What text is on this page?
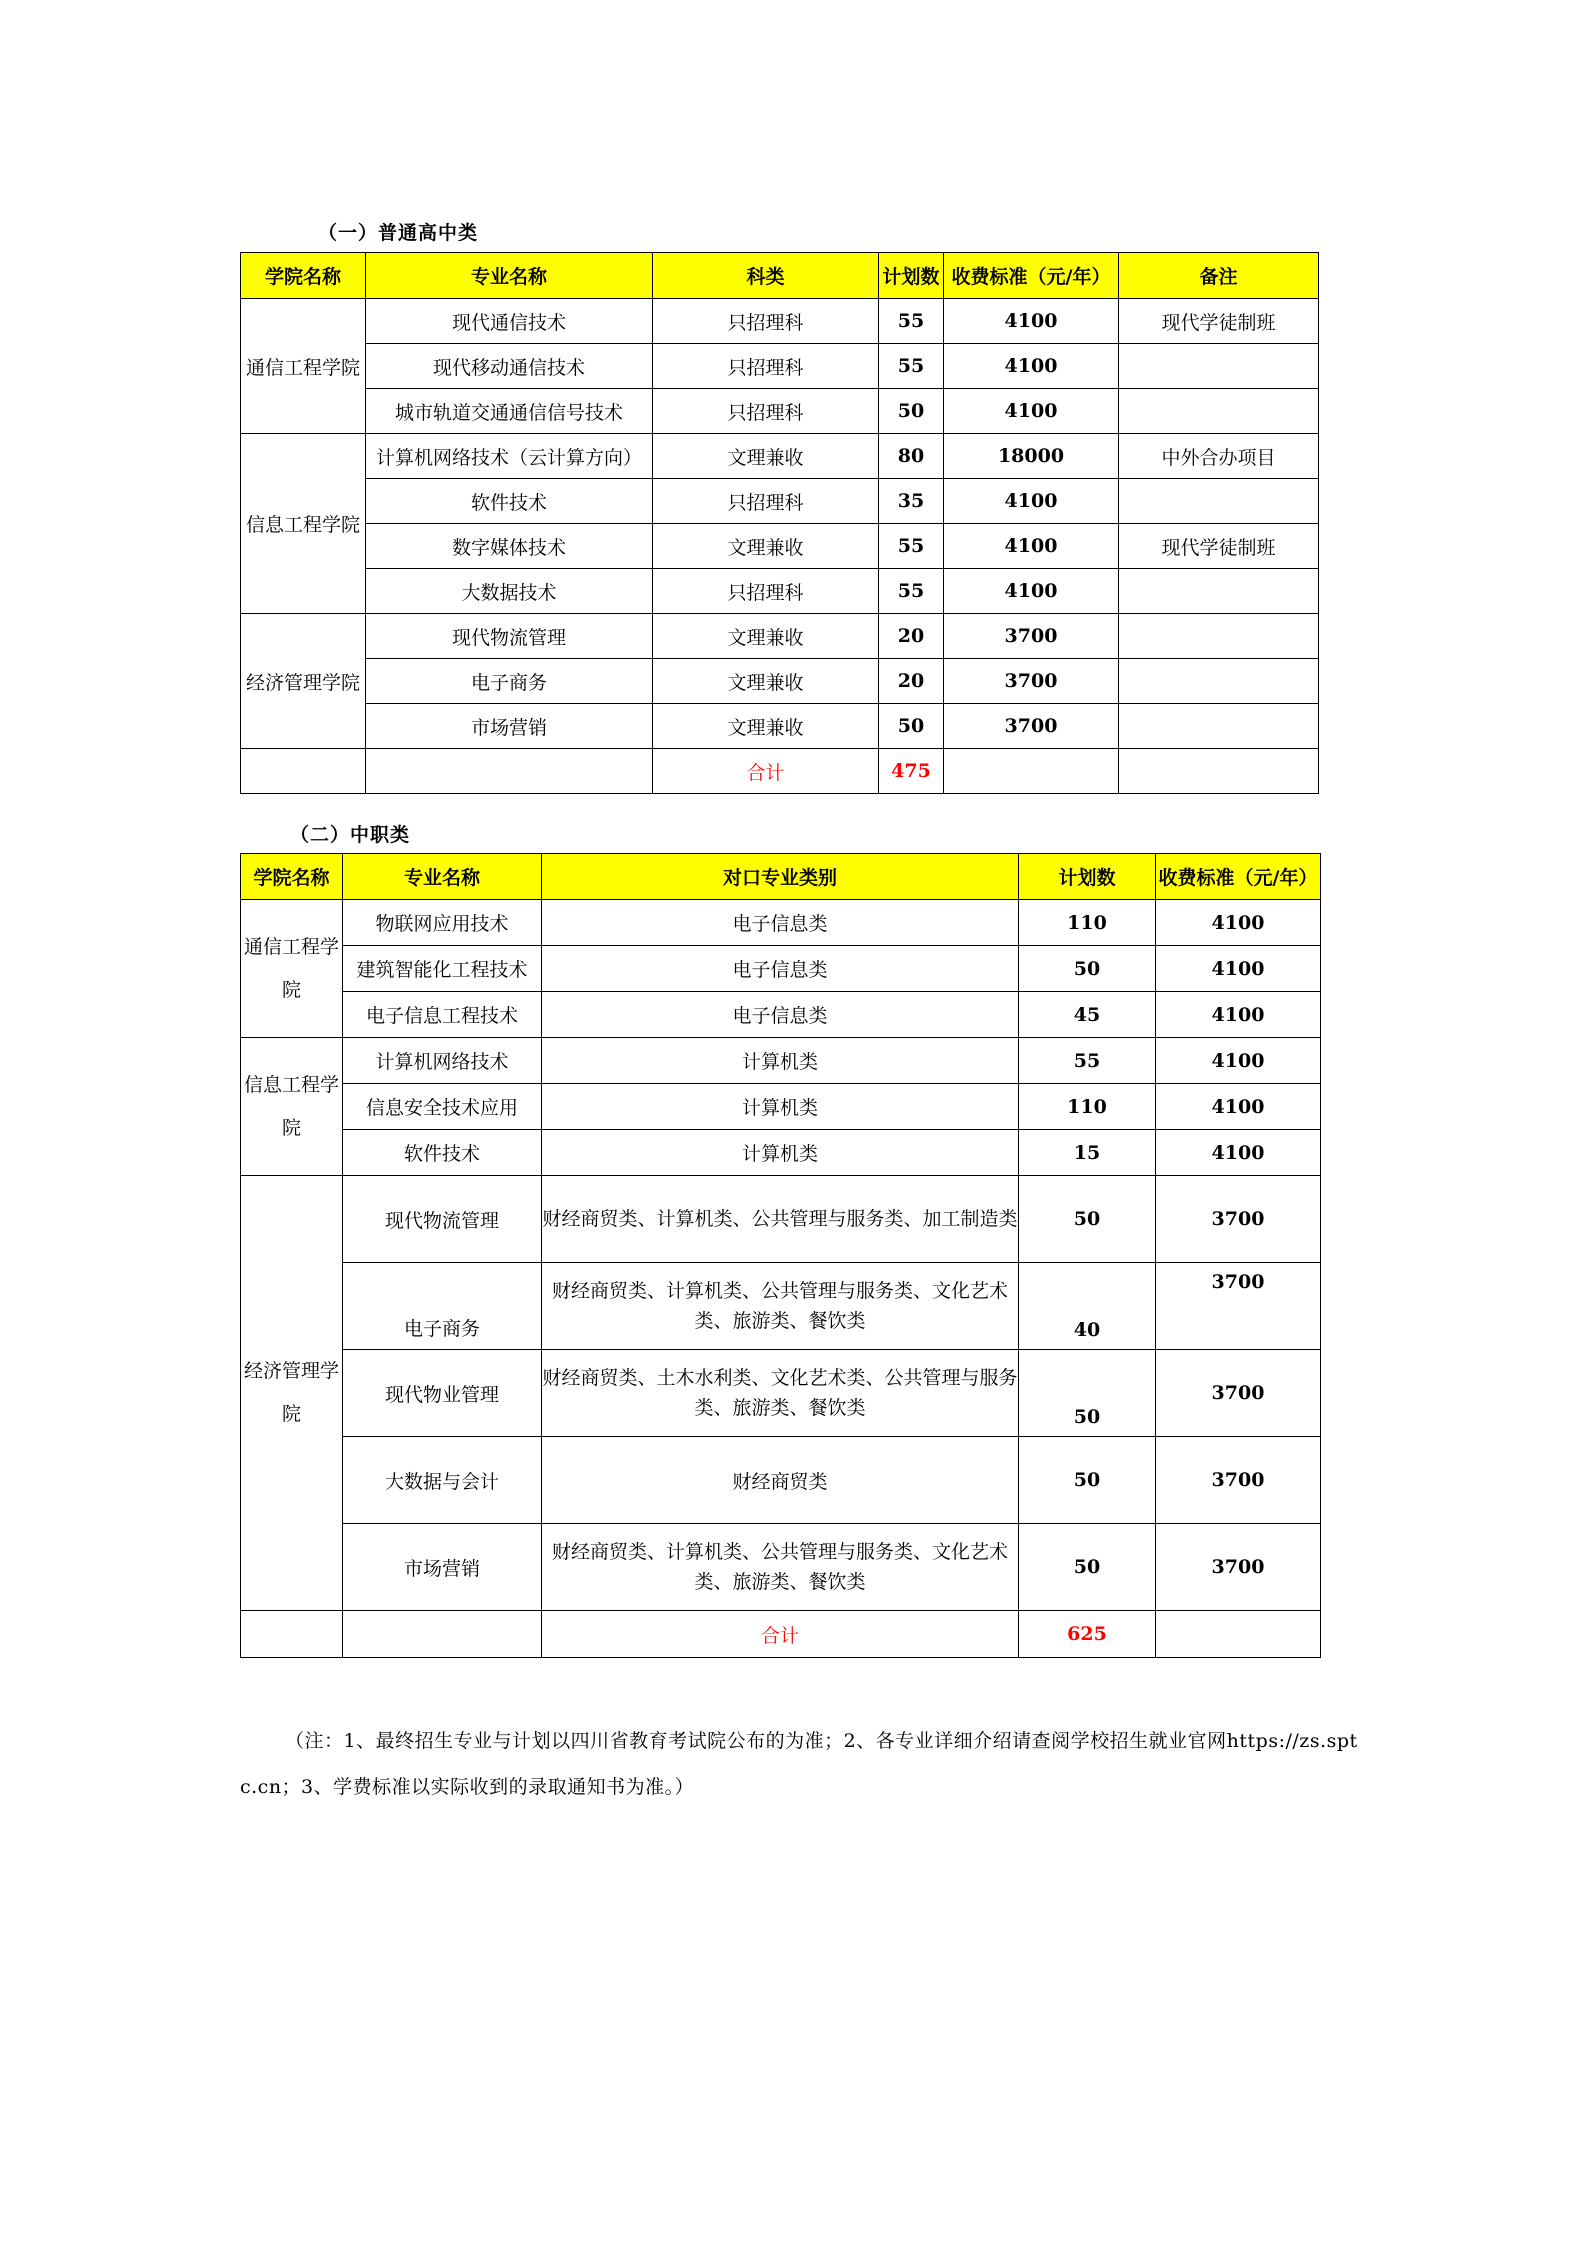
（一）普通高中类
学院名称	专业名称	科类	计划数	收费标准（元/年）	备注
通信工程学院	现代通信技术	只招理科	55	4100	现代学徒制班
	现代移动通信技术	只招理科	55	4100	
	城市轨道交通通信信号技术	只招理科	50	4100	
信息工程学院	计算机网络技术（云计算方向）	文理兼收	80	18000	中外合办项目
	软件技术	只招理科	35	4100	
	数字媒体技术	文理兼收	55	4100	现代学徒制班
	大数据技术	只招理科	55	4100	
经济管理学院	现代物流管理	文理兼收	20	3700	
	电子商务	文理兼收	20	3700	
	市场营销	文理兼收	50	3700	
		合计	475		
（二）中职类
学院名称	专业名称	对口专业类别	计划数	收费标准（元/年）
通信工程学院	物联网应用技术	电子信息类	110	4100
	建筑智能化工程技术	电子信息类	50	4100
	电子信息工程技术	电子信息类	45	4100
信息工程学院	计算机网络技术	计算机类	55	4100
	信息安全技术应用	计算机类	110	4100
	软件技术	计算机类	15	4100
经济管理学院	现代物流管理	财经商贸类、计算机类、公共管理与服务类、加工制造类	50	3700
	电子商务	财经商贸类、计算机类、公共管理与服务类、文化艺术类、旅游类、餐饮类	40	3700
	现代物业管理	财经商贸类、土木水利类、文化艺术类、公共管理与服务类、旅游类、餐饮类	50	3700
	大数据与会计	财经商贸类	50	3700
	市场营销	财经商贸类、计算机类、公共管理与服务类、文化艺术类、旅游类、餐饮类	50	3700
		合计	625	
（注：1、最终招生专业与计划以四川省教育考试院公布的为准；2、各专业详细介绍请查阅学校招生就业官网https://zs.sptc.cn；3、学费标准以实际收到的录取通知书为准。）
